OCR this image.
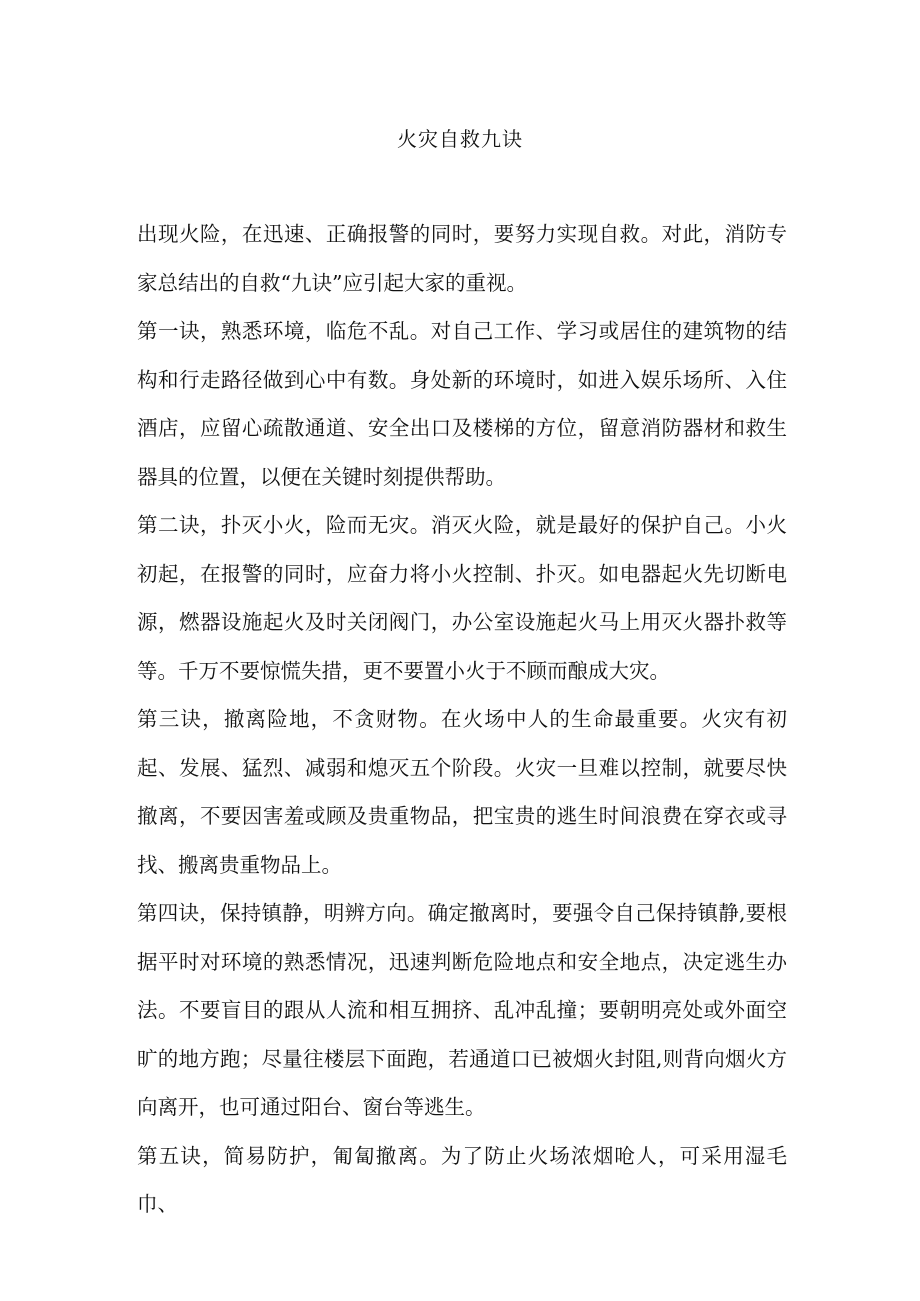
火灾自救九诀

出现火险，在迅速、正确报警的同时，要努力实现自救。对此，消防专家总结出的自救“九诀”应引起大家的重视。

第一诀，熟悉环境，临危不乱。对自己工作、学习或居住的建筑物的结构和行走路径做到心中有数。身处新的环境时，如进入娱乐场所、入住酒店，应留心疏散通道、安全出口及楼梯的方位，留意消防器材和救生器具的位置，以便在关键时刻提供帮助。

第二诀，扑灭小火，险而无灾。消灭火险，就是最好的保护自己。小火初起，在报警的同时，应奋力将小火控制、扑灭。如电器起火先切断电源，燃器设施起火及时关闭阀门，办公室设施起火马上用灭火器扑救等等。千万不要惊慌失措，更不要置小火于不顾而酿成大灾。

第三诀，撤离险地，不贪财物。在火场中人的生命最重要。火灾有初起、发展、猛烈、减弱和熄灭五个阶段。火灾一旦难以控制，就要尽快撤离，不要因害羞或顾及贵重物品，把宝贵的逃生时间浪费在穿衣或寻找、搬离贵重物品上。

第四诀，保持镇静，明辨方向。确定撤离时，要强令自己保持镇静,要根据平时对环境的熟悉情况，迅速判断危险地点和安全地点，决定逃生办法。不要盲目的跟从人流和相互拥挤、乱冲乱撞；要朝明亮处或外面空旷的地方跑；尽量往楼层下面跑，若通道口已被烟火封阻,则背向烟火方向离开，也可通过阳台、窗台等逃生。

第五诀，简易防护，匍匐撤离。为了防止火场浓烟呛人，可采用湿毛巾、
